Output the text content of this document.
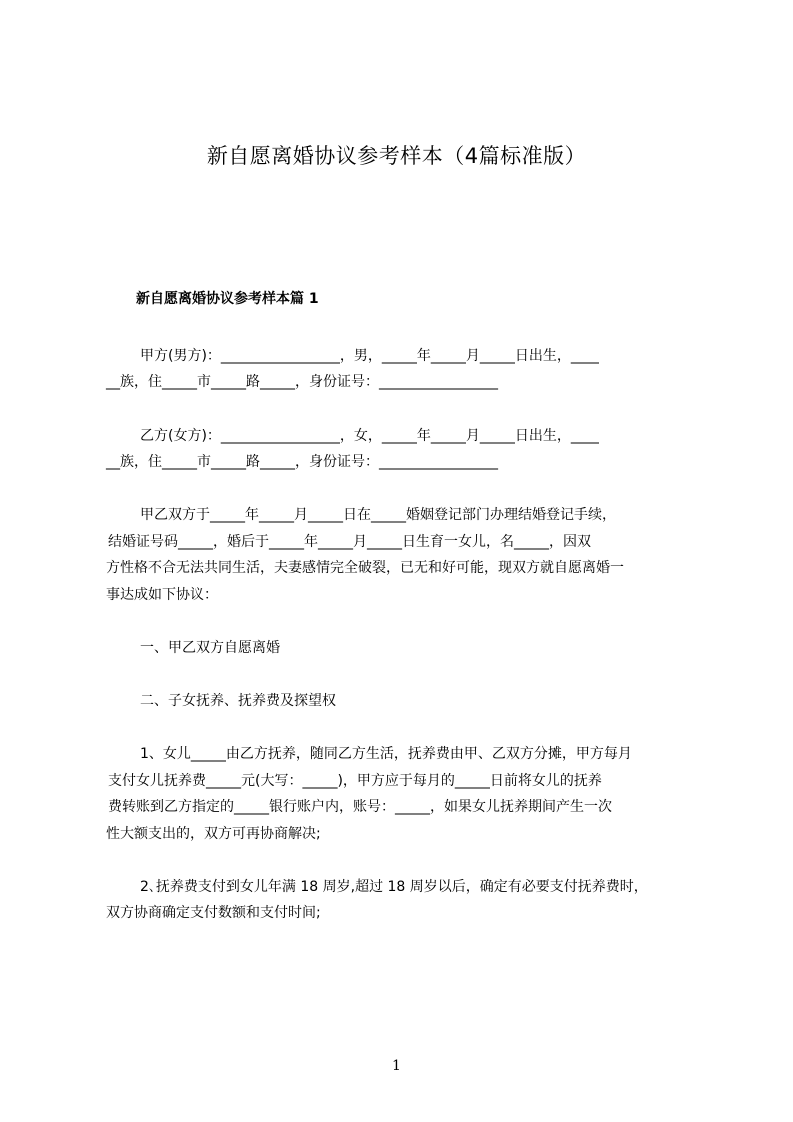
新自愿离婚协议参考样本（4篇标准版）
新自愿离婚协议参考样本篇 1
甲方(男方)：_________________，男，_____年_____月_____日出生，____
__族，住_____市_____路_____，身份证号：_________________
乙方(女方)：_________________，女，_____年_____月_____日出生，____
__族，住_____市_____路_____，身份证号：_________________
甲乙双方于_____年_____月_____日在_____婚姻登记部门办理结婚登记手续，
结婚证号码_____，婚后于_____年_____月_____日生育一女儿，名_____，因双
方性格不合无法共同生活，夫妻感情完全破裂，已无和好可能，现双方就自愿离婚一
事达成如下协议：
一、甲乙双方自愿离婚
二、子女抚养、抚养费及探望权
1、女儿_____由乙方抚养，随同乙方生活，抚养费由甲、乙双方分摊，甲方每月
支付女儿抚养费_____元(大写：_____)，甲方应于每月的_____日前将女儿的抚养
费转账到乙方指定的_____银行账户内，账号：_____，如果女儿抚养期间产生一次
性大额支出的，双方可再协商解决;
2､抚养费支付到女儿年满 18 周岁,超过 18 周岁以后，确定有必要支付抚养费时，
双方协商确定支付数额和支付时间;
1
